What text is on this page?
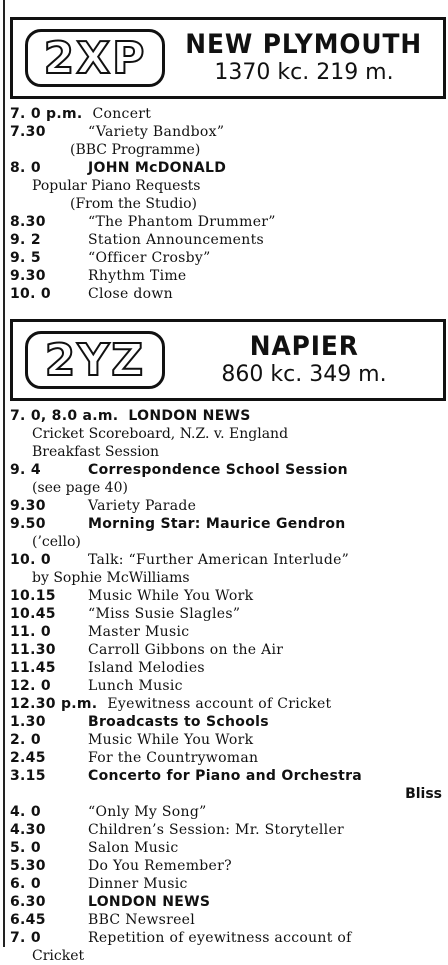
2XP	NEW PLYMOUTH
1370 kc. 219 m.
7. 0 p.m. Concert
7.30	“Variety Bandbox”
(BBC Programme)
8. 0	JOHN McDONALD
Popular Piano Requests
(From the Studio)
8.30	“The Phantom Drummer”
9. 2	Station Announcements
9. 5	“Officer Crosby”
9.30	Rhythm Time
10. 0	Close down
2YZ	NAPIER
860 kc. 349 m.
7. 0, 8.0 a.m. LONDON NEWS
Cricket Scoreboard, N.Z. v. England
Breakfast Session
9. 4	Correspondence School Session
(see page 40)
9.30	Variety Parade
9.50	Morning Star: Maurice Gendron
(’cello)
10. 0	Talk: “Further American Interlude”
by Sophie McWilliams
10.15	Music While You Work
10.45	“Miss Susie Slagles”
11. 0	Master Music
11.30	Carroll Gibbons on the Air
11.45	Island Melodies
12. 0	Lunch Music
12.30 p.m. Eyewitness account of Cricket
1.30	Broadcasts to Schools
2. 0	Music While You Work
2.45	For the Countrywoman
3.15	Concerto for Piano and Orchestra
Bliss
4. 0	“Only My Song”
4.30	Children’s Session: Mr. Storyteller
5. 0	Salon Music
5.30	Do You Remember?
6. 0	Dinner Music
6.30	LONDON NEWS
6.45	BBC Newsreel
7. 0	Repetition of eyewitness account of
Cricket
